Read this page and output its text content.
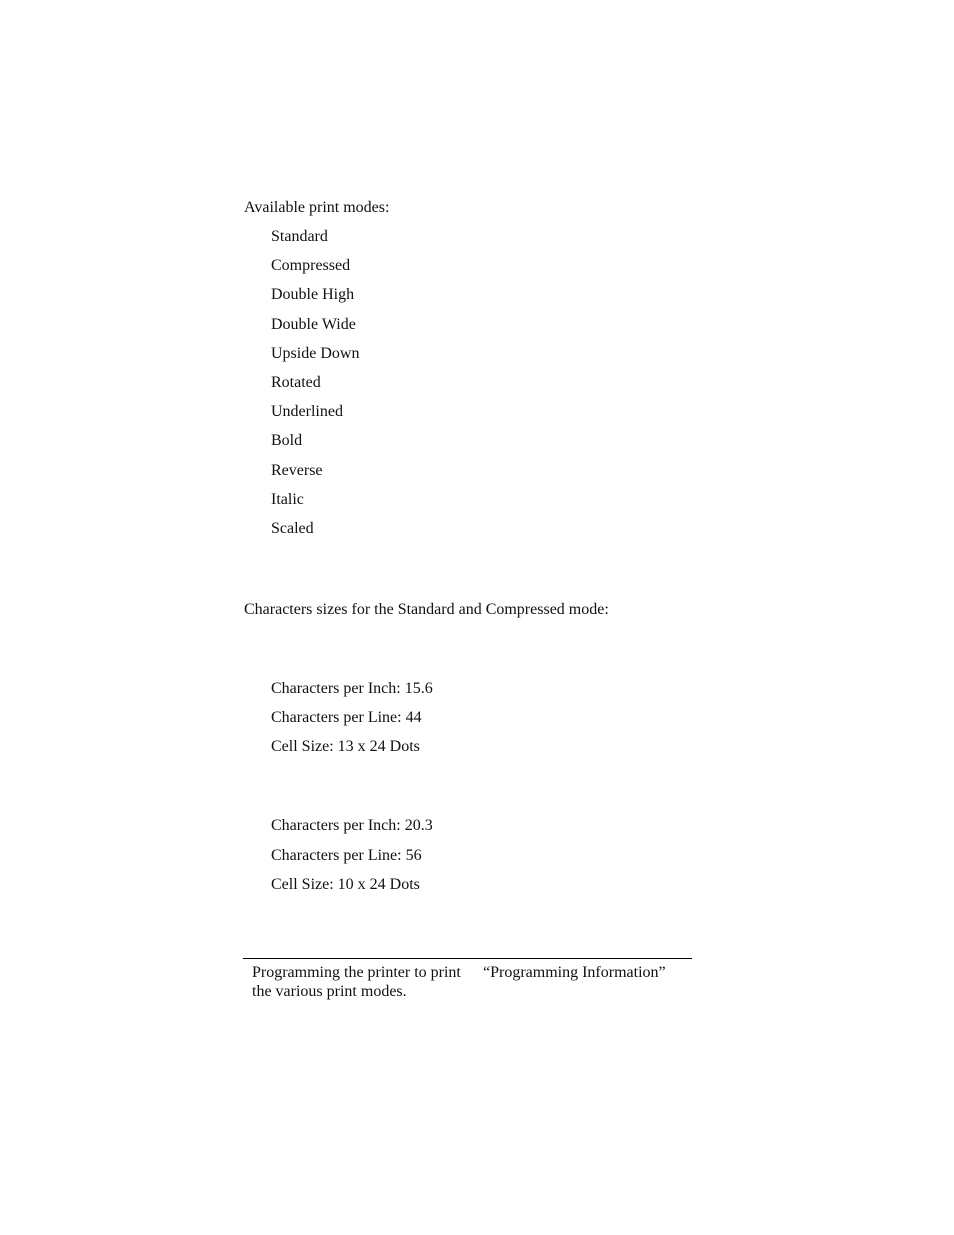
Available print modes:
Standard
Compressed
Double High
Double Wide
Upside Down
Rotated
Underlined
Bold
Reverse
Italic
Scaled
Characters sizes for the Standard and Compressed mode:
Characters per Inch: 15.6
Characters per Line: 44
Cell Size: 13 x 24 Dots
Characters per Inch: 20.3
Characters per Line: 56
Cell Size: 10 x 24 Dots
Programming the printer to print the various print modes.
“Programming Information”
